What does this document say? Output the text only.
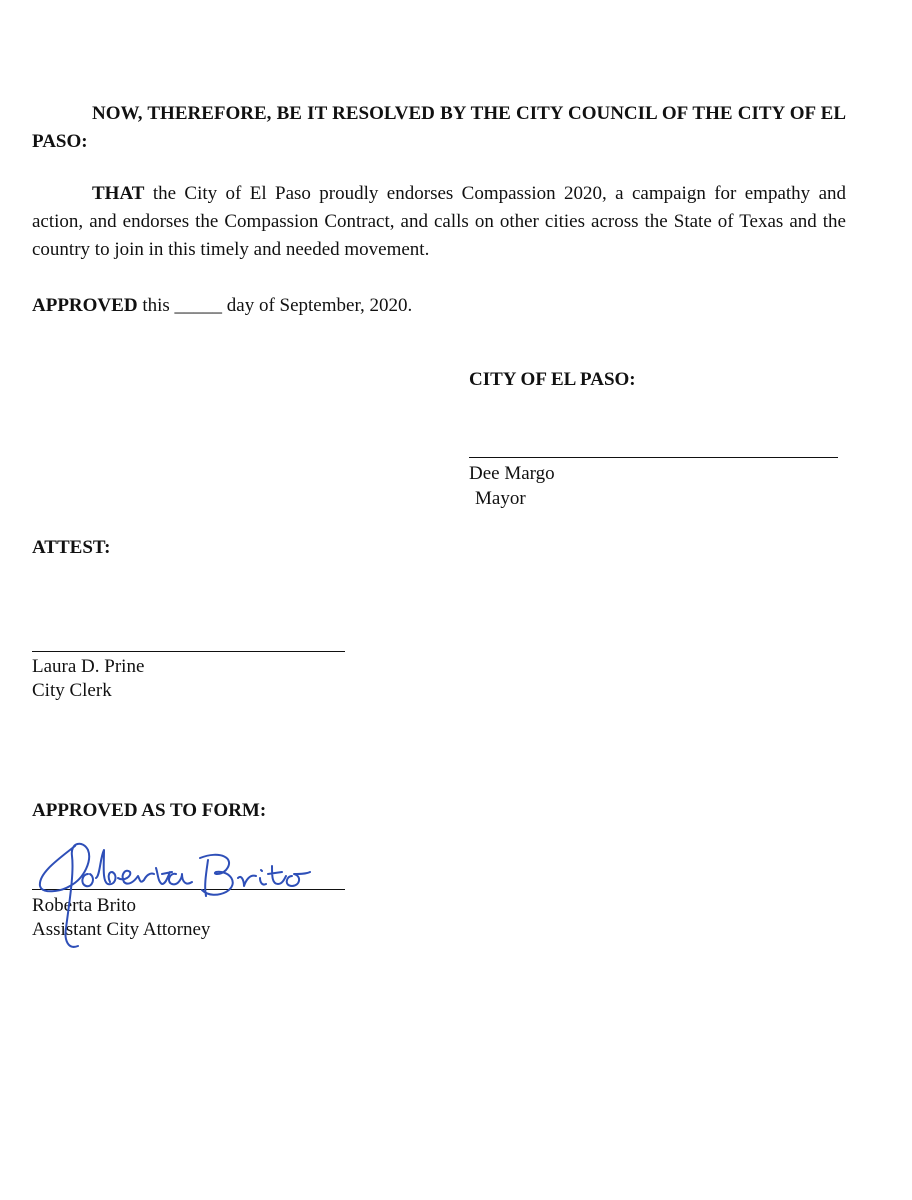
NOW, THEREFORE, BE IT RESOLVED BY THE CITY COUNCIL OF THE CITY OF EL PASO:
THAT the City of El Paso proudly endorses Compassion 2020, a campaign for empathy and action, and endorses the Compassion Contract, and calls on other cities across the State of Texas and the country to join in this timely and needed movement.
APPROVED this _____ day of September, 2020.
CITY OF EL PASO:
Dee Margo
Mayor
ATTEST:
Laura D. Prine
City Clerk
APPROVED AS TO FORM:
Roberta Brito
Assistant City Attorney
